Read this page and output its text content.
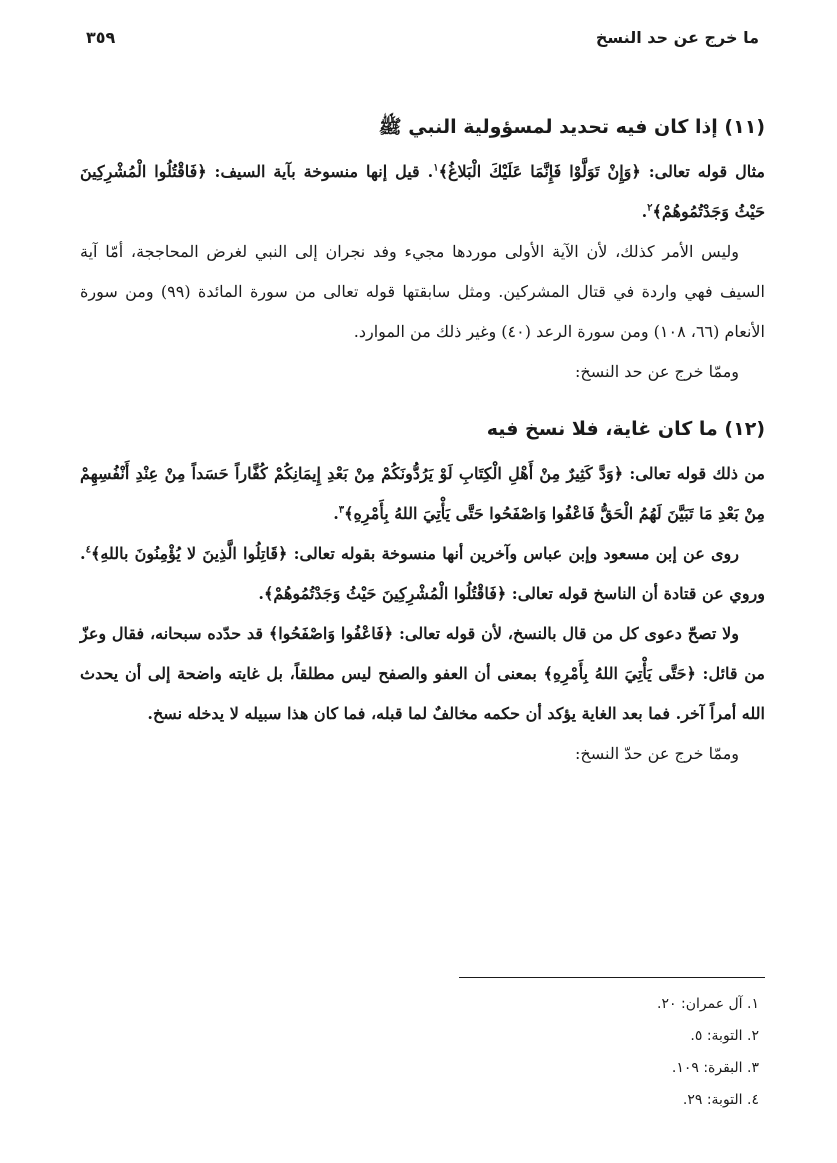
ما خرج عن حد النسخ
٣٥٩
(١١) إذا كان فيه تحديد لمسؤولية النبي ﷺ

مثال قوله تعالى: ﴿وَإِنْ تَوَلَّوْا فَإِنَّمَا عَلَيْكَ الْبَلاغُ﴾$^١$. قيل إنها منسوخة بآية السيف: ﴿فَاقْتُلُوا الْمُشْرِكِينَ حَيْثُ وَجَدْتُمُوهُمْ﴾$^٢$.

وليس الأمر كذلك، لأن الآية الأولى موردها مجيء وفد نجران إلى النبي لغرض المحاججة، أمّا آية السيف فهي واردة في قتال المشركين. ومثل سابقتها قوله تعالى من سورة المائدة (٩٩) ومن سورة الأنعام (٦٦، ١٠٨) ومن سورة الرعد (٤٠) وغير ذلك من الموارد.

وممّا خرج عن حد النسخ:

(١٢) ما كان غاية، فلا نسخ فيه

من ذلك قوله تعالى: ﴿وَدَّ كَثِيرٌ مِنْ أَهْلِ الْكِتَابِ لَوْ يَرُدُّونَكُمْ مِنْ بَعْدِ إِيمَانِكُمْ كُفَّاراً حَسَداً مِنْ عِنْدِ أَنْفُسِهِمْ مِنْ بَعْدِ مَا تَبَيَّنَ لَهُمُ الْحَقُّ فَاعْفُوا وَاصْفَحُوا حَتَّى يَأْتِيَ اللهُ بِأَمْرِهِ﴾$^٣$.

روى عن إبن مسعود وإبن عباس وآخرين أنها منسوخة بقوله تعالى: ﴿قَاتِلُوا الَّذِينَ لا يُؤْمِنُونَ باللهِ﴾$^٤$. وروي عن قتادة أن الناسخ قوله تعالى: ﴿فَاقْتُلُوا الْمُشْرِكِينَ حَيْثُ وَجَدْتُمُوهُمْ﴾.

ولا تصحّ دعوى كل من قال بالنسخ، لأن قوله تعالى: ﴿فَاعْفُوا وَاصْفَحُوا﴾ قد حدّده سبحانه، فقال وعزّ من قائل: ﴿حَتَّى يَأْتِيَ اللهُ بِأَمْرِهِ﴾ بمعنى أن العفو والصفح ليس مطلقاً، بل غايته واضحة إلى أن يحدث الله أمراً آخر. فما بعد الغاية يؤكد أن حكمه مخالفٌ لما قبله، فما كان هذا سبيله لا يدخله نسخ.

وممّا خرج عن حدّ النسخ:

١. آل عمران: ٢٠.
٢. التوبة: ٥.
٣. البقرة: ١٠٩.
٤. التوبة: ٢٩.
